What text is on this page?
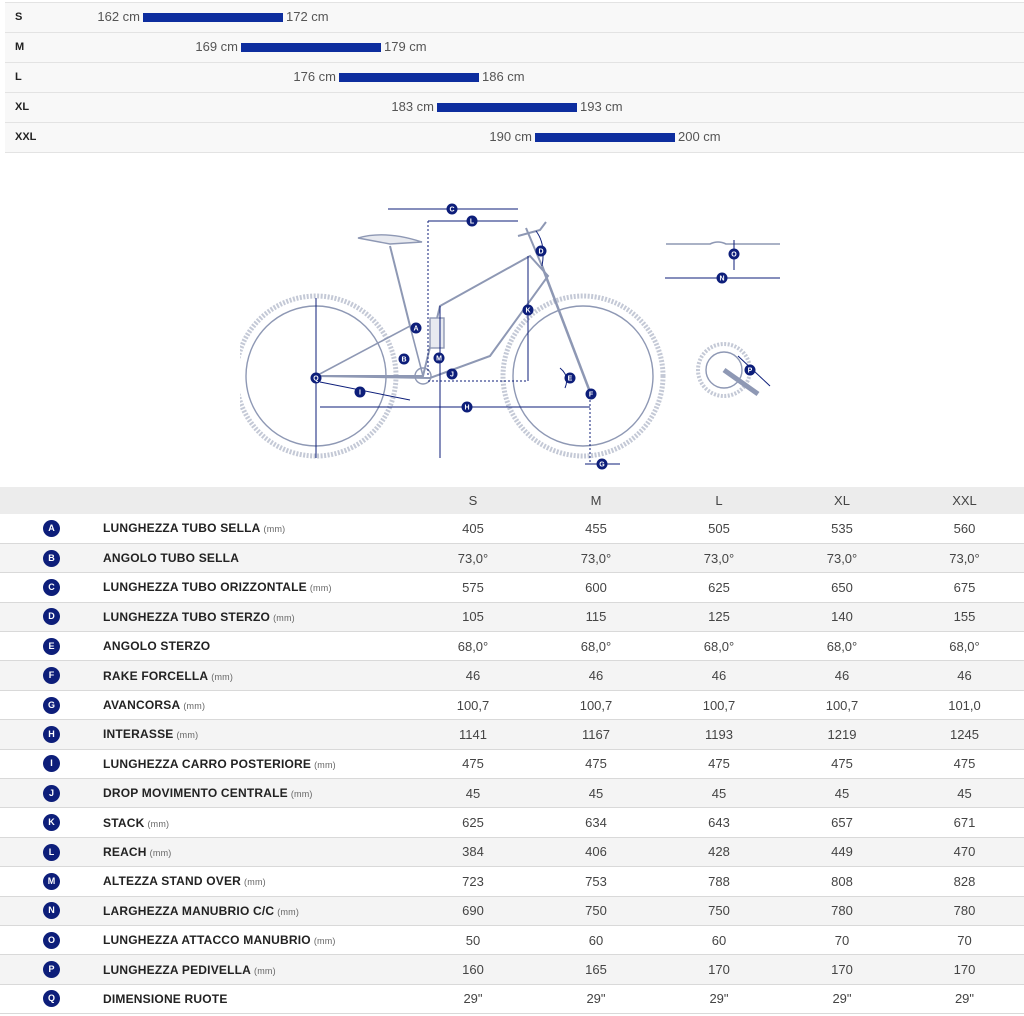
S	162 cm	172 cm
M	169 cm	179 cm
L	176 cm	186 cm
XL	183 cm	193 cm
XXL	190 cm	200 cm
A
B
C
D
E
F
G
H
I
J
K
L
M
N
O
P
Q
		S	M	L	XL	XXL
A	LUNGHEZZA TUBO SELLA (mm)	405	455	505	535	560
B	ANGOLO TUBO SELLA	73,0°	73,0°	73,0°	73,0°	73,0°
C	LUNGHEZZA TUBO ORIZZONTALE (mm)	575	600	625	650	675
D	LUNGHEZZA TUBO STERZO (mm)	105	115	125	140	155
E	ANGOLO STERZO	68,0°	68,0°	68,0°	68,0°	68,0°
F	RAKE FORCELLA (mm)	46	46	46	46	46
G	AVANCORSA (mm)	100,7	100,7	100,7	100,7	101,0
H	INTERASSE (mm)	1141	1167	1193	1219	1245
I	LUNGHEZZA CARRO POSTERIORE (mm)	475	475	475	475	475
J	DROP MOVIMENTO CENTRALE (mm)	45	45	45	45	45
K	STACK (mm)	625	634	643	657	671
L	REACH (mm)	384	406	428	449	470
M	ALTEZZA STAND OVER (mm)	723	753	788	808	828
N	LARGHEZZA MANUBRIO C/C (mm)	690	750	750	780	780
O	LUNGHEZZA ATTACCO MANUBRIO (mm)	50	60	60	70	70
P	LUNGHEZZA PEDIVELLA (mm)	160	165	170	170	170
Q	DIMENSIONE RUOTE	29"	29"	29"	29"	29"
